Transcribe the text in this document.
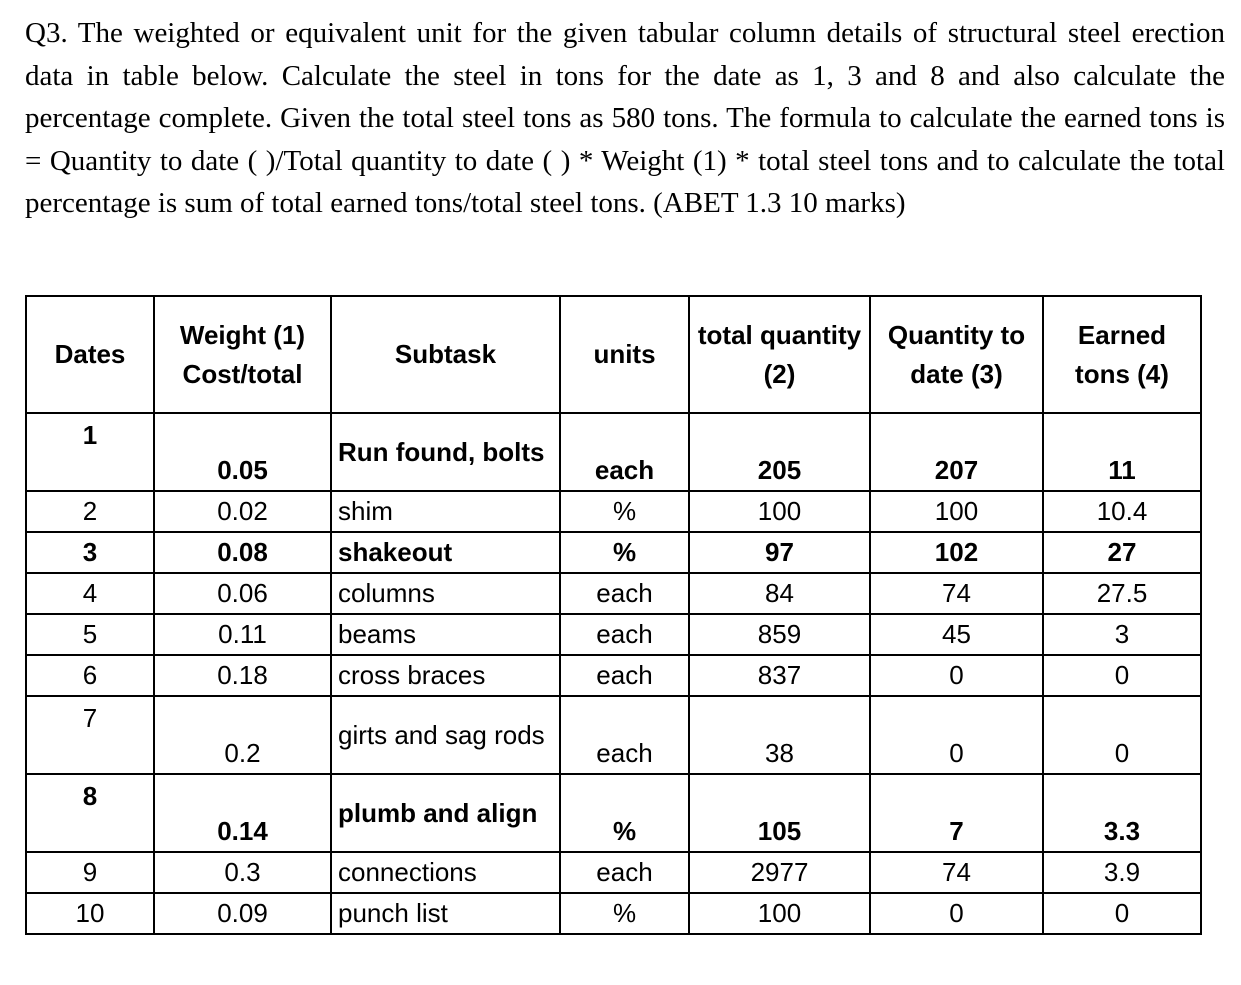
Q3. The weighted or equivalent unit for the given tabular column details of structural steel erection data in table below. Calculate the steel in tons for the date as 1, 3 and 8 and also calculate the percentage complete. Given the total steel tons as 580 tons. The formula to calculate the earned tons is = Quantity to date ( )/Total quantity to date ( ) * Weight (1) * total steel tons and to calculate the total percentage is sum of total earned tons/total steel tons. (ABET 1.3 10 marks)

Dates	Weight (1) Cost/total	Subtask	units	total quantity (2)	Quantity to date (3)	Earned tons (4)
1	0.05	Run found, bolts	each	205	207	11
2	0.02	shim	%	100	100	10.4
3	0.08	shakeout	%	97	102	27
4	0.06	columns	each	84	74	27.5
5	0.11	beams	each	859	45	3
6	0.18	cross braces	each	837	0	0
7	0.2	girts and sag rods	each	38	0	0
8	0.14	plumb and align	%	105	7	3.3
9	0.3	connections	each	2977	74	3.9
10	0.09	punch list	%	100	0	0
